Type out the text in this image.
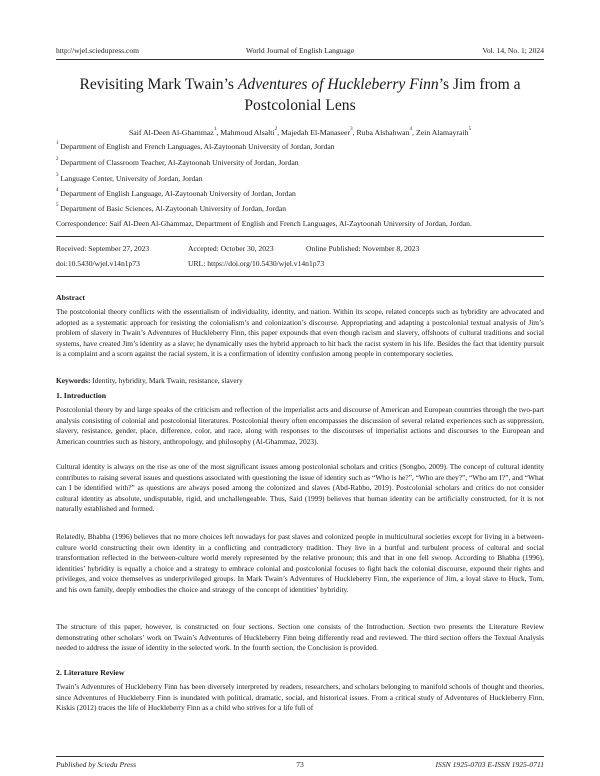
http://wjel.sciedupress.com	World Journal of English Language	Vol. 14, No. 1; 2024
Revisiting Mark Twain’s Adventures of Huckleberry Finn’s Jim from a Postcolonial Lens
Saif Al-Deen Al-Ghammaz$^1$, Mahmoud Alsalti$^2$, Majedah El-Manaseer$^3$, Ruba Alshahwan$^4$, Zein Alamayraih$^5$
$^1$ Department of English and French Languages, Al-Zaytoonah University of Jordan, Jordan
$^2$ Department of Classroom Teacher, Al-Zaytoonah University of Jordan, Jordan
$^3$ Language Center, University of Jordan, Jordan
$^4$ Department of English Language, Al-Zaytoonah University of Jordan, Jordan
$^5$ Department of Basic Sciences, Al-Zaytoonah University of Jordan, Jordan
Correspondence: Saif Al-Deen Al-Ghammaz, Department of English and French Languages, Al-Zaytoonah University of Jordan, Jordan.
Received: September 27, 2023	Accepted: October 30, 2023	Online Published: November 8, 2023
doi:10.5430/wjel.v14n1p73	URL: https://doi.org/10.5430/wjel.v14n1p73
Abstract
The postcolonial theory conflicts with the essentialism of individuality, identity, and nation. Within its scope, related concepts such as hybridity are advocated and adopted as a systematic approach for resisting the colonialism’s and colonization’s discourse. Appropriating and adapting a postcolonial textual analysis of Jim’s problem of slavery in Twain’s Adventures of Huckleberry Finn, this paper expounds that even though racism and slavery, offshoots of cultural traditions and social systems, have created Jim’s identity as a slave; he dynamically uses the hybrid approach to hit back the racist system in his life. Besides the fact that identity pursuit is a complaint and a scorn against the racial system, it is a confirmation of identity confusion among people in contemporary societies.
Keywords: Identity, hybridity, Mark Twain, resistance, slavery
1. Introduction
Postcolonial theory by and large speaks of the criticism and reflection of the imperialist acts and discourse of American and European countries through the two-part analysis consisting of colonial and postcolonial literatures. Postcolonial theory often encompasses the discussion of several related experiences such as suppression, slavery, resistance, gender, place, difference, color, and race, along with responses to the discourses of imperialist actions and discourses to the European and American countries such as history, anthropology, and philosophy (Al-Ghammaz, 2023).
Cultural identity is always on the rise as one of the most significant issues among postcolonial scholars and critics (Songbo, 2009). The concept of cultural identity contributes to raising several issues and questions associated with questioning the issue of identity such as “Who is he?”, “Who are they?”, “Who am I?”, and “What can I be identified with?” as questions are always posed among the colonized and slaves (Abd-Rabbo, 2019). Postcolonial scholars and critics do not consider cultural identity as absolute, undisputable, rigid, and unchallengeable. Thus, Said (1999) believes that human identity can be artificially constructed, for it is not naturally established and formed.
Relatedly, Bhabha (1996) believes that no more choices left nowadays for past slaves and colonized people in multicultural societies except for living in a between-culture world constructing their own identity in a conflicting and contradictory tradition. They live in a hurtful and turbulent process of cultural and social transformation reflected in the between-culture world merely represented by the relative pronoun; this and that in one fell swoop. According to Bhabha (1996), identities’ hybridity is equally a choice and a strategy to embrace colonial and postcolonial focuses to fight back the colonial discourse, expound their rights and privileges, and voice themselves as underprivileged groups. In Mark Twain’s Adventures of Huckleberry Finn, the experience of Jim, a loyal slave to Huck, Tom, and his own family, deeply embodies the choice and strategy of the concept of identities’ hybridity.
The structure of this paper, however, is constructed on four sections. Section one consists of the Introduction. Section two presents the Literature Review demonstrating other scholars’ work on Twain’s Adventures of Huckleberry Finn being differently read and reviewed. The third section offers the Textual Analysis needed to address the issue of identity in the selected work. In the fourth section, the Conclusion is provided.
2. Literature Review
Twain’s Adventures of Huckleberry Finn has been diversely interpreted by readers, researchers, and scholars belonging to manifold schools of thought and theories, since Adventures of Huckleberry Finn is inundated with political, dramatic, social, and historical issues. From a critical study of Adventures of Huckleberry Finn, Kiskis (2012) traces the life of Huckleberry Finn as a child who strives for a life full of
Published by Sciedu Press	73	ISSN 1925-0703 E-ISSN 1925-0711
